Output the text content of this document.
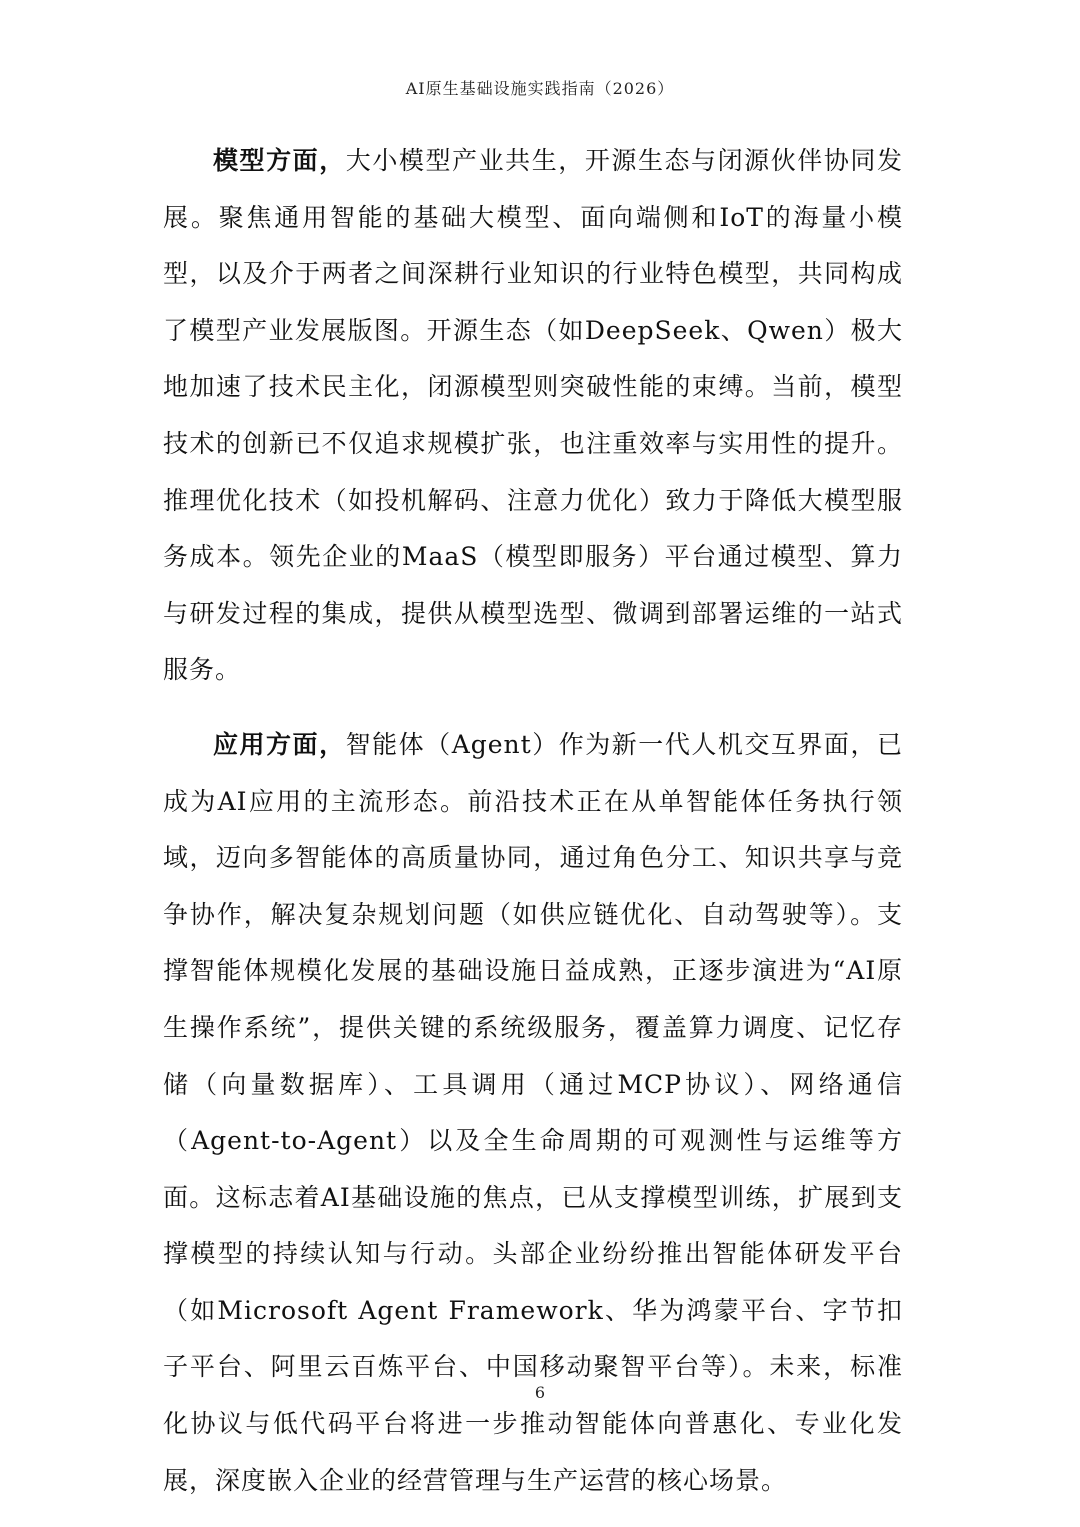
AI原生基础设施实践指南（2026）

模型方面，大小模型产业共生，开源生态与闭源伙伴协同发展。聚焦通用智能的基础大模型、面向端侧和IoT的海量小模型，以及介于两者之间深耕行业知识的行业特色模型，共同构成了模型产业发展版图。开源生态（如DeepSeek、Qwen）极大地加速了技术民主化，闭源模型则突破性能的束缚。当前，模型技术的创新已不仅追求规模扩张，也注重效率与实用性的提升。推理优化技术（如投机解码、注意力优化）致力于降低大模型服务成本。领先企业的MaaS（模型即服务）平台通过模型、算力与研发过程的集成，提供从模型选型、微调到部署运维的一站式服务。

应用方面，智能体（Agent）作为新一代人机交互界面，已成为AI应用的主流形态。前沿技术正在从单智能体任务执行领域，迈向多智能体的高质量协同，通过角色分工、知识共享与竞争协作，解决复杂规划问题（如供应链优化、自动驾驶等）。支撑智能体规模化发展的基础设施日益成熟，正逐步演进为“AI原生操作系统”，提供关键的系统级服务，覆盖算力调度、记忆存储（向量数据库）、工具调用（通过MCP协议）、网络通信（Agent-to-Agent）以及全生命周期的可观测性与运维等方面。这标志着AI基础设施的焦点，已从支撑模型训练，扩展到支撑模型的持续认知与行动。头部企业纷纷推出智能体研发平台（如Microsoft Agent Framework、华为鸿蒙平台、字节扣子平台、阿里云百炼平台、中国移动聚智平台等）。未来，标准化协议与低代码平台将进一步推动智能体向普惠化、专业化发展，深度嵌入企业的经营管理与生产运营的核心场景。

6
